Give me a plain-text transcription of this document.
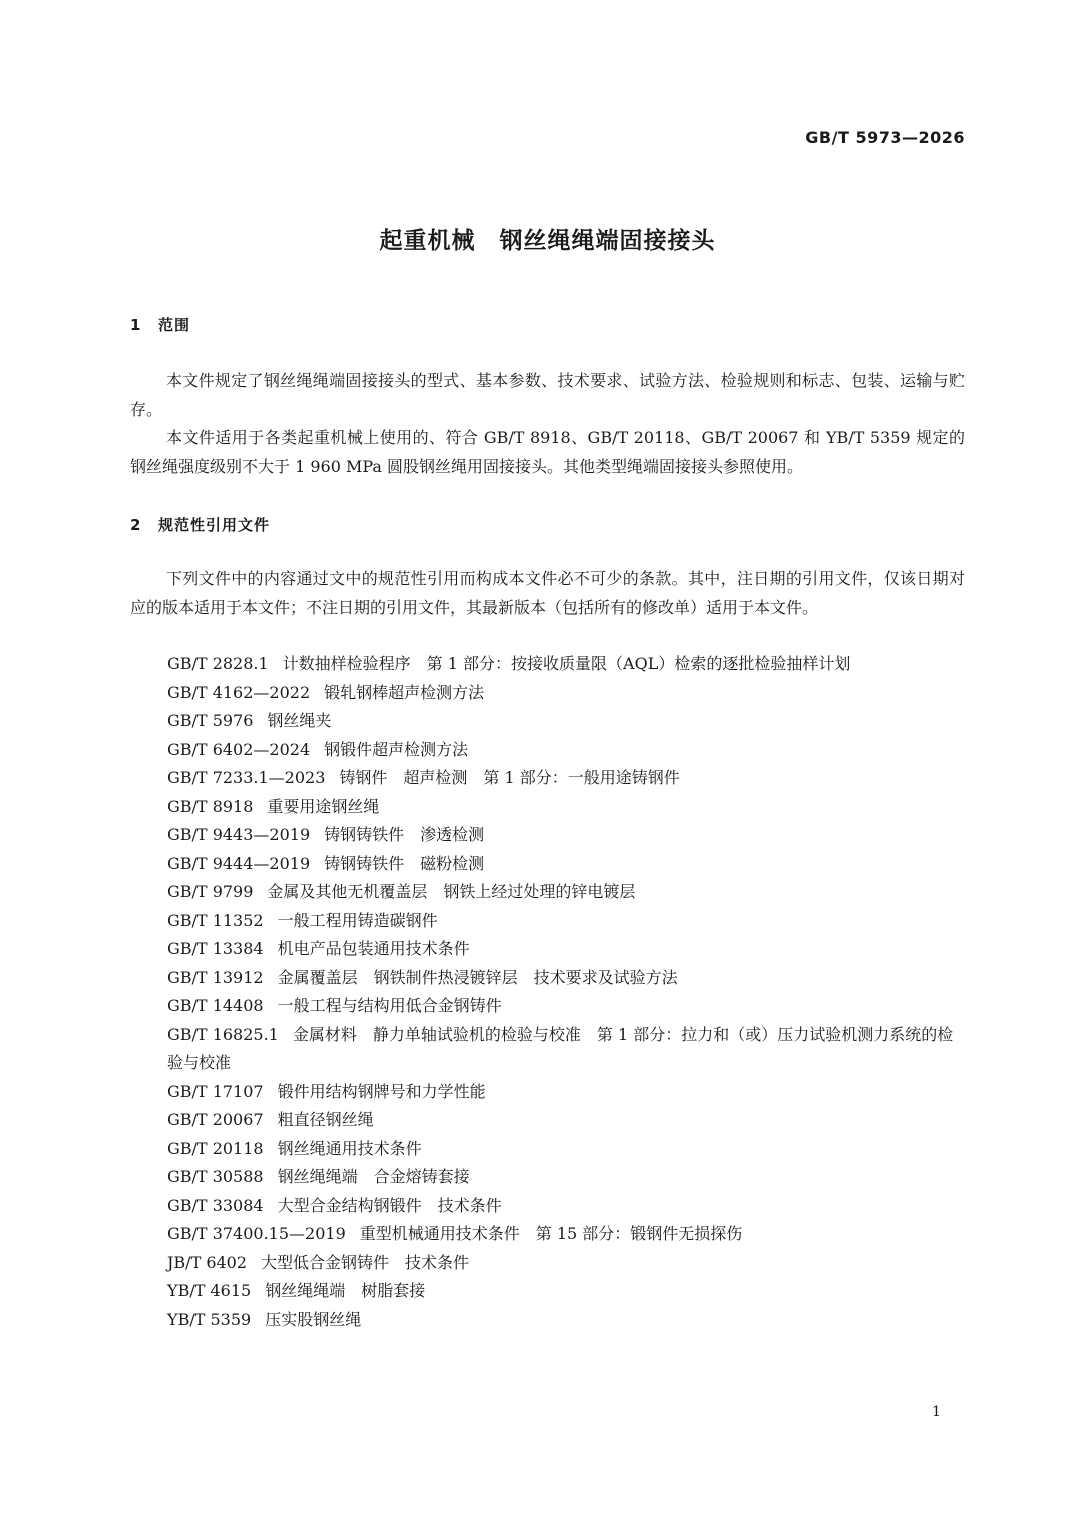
GB/T 5973—2026
起重机械　钢丝绳绳端固接接头
1 范围

本文件规定了钢丝绳绳端固接接头的型式、基本参数、技术要求、试验方法、检验规则和标志、包装、运输与贮存。

本文件适用于各类起重机械上使用的、符合 GB/T 8918、GB/T 20118、GB/T 20067 和 YB/T 5359 规定的钢丝绳强度级别不大于 1 960 MPa 圆股钢丝绳用固接接头。其他类型绳端固接接头参照使用。

2 规范性引用文件

下列文件中的内容通过文中的规范性引用而构成本文件必不可少的条款。其中，注日期的引用文件，仅该日期对应的版本适用于本文件；不注日期的引用文件，其最新版本（包括所有的修改单）适用于本文件。

GB/T 2828.1 计数抽样检验程序　第 1 部分：按接收质量限（AQL）检索的逐批检验抽样计划
GB/T 4162—2022 锻轧钢棒超声检测方法
GB/T 5976 钢丝绳夹
GB/T 6402—2024 钢锻件超声检测方法
GB/T 7233.1—2023 铸钢件　超声检测　第 1 部分：一般用途铸钢件
GB/T 8918 重要用途钢丝绳
GB/T 9443—2019 铸钢铸铁件　渗透检测
GB/T 9444—2019 铸钢铸铁件　磁粉检测
GB/T 9799 金属及其他无机覆盖层　钢铁上经过处理的锌电镀层
GB/T 11352 一般工程用铸造碳钢件
GB/T 13384 机电产品包装通用技术条件
GB/T 13912 金属覆盖层　钢铁制件热浸镀锌层　技术要求及试验方法
GB/T 14408 一般工程与结构用低合金钢铸件
GB/T 16825.1 金属材料　静力单轴试验机的检验与校准　第 1 部分：拉力和（或）压力试验机测力系统的检验与校准
GB/T 17107 锻件用结构钢牌号和力学性能
GB/T 20067 粗直径钢丝绳
GB/T 20118 钢丝绳通用技术条件
GB/T 30588 钢丝绳绳端　合金熔铸套接
GB/T 33084 大型合金结构钢锻件　技术条件
GB/T 37400.15—2019 重型机械通用技术条件　第 15 部分：锻钢件无损探伤
JB/T 6402 大型低合金钢铸件　技术条件
YB/T 4615 钢丝绳绳端　树脂套接
YB/T 5359 压实股钢丝绳
1
